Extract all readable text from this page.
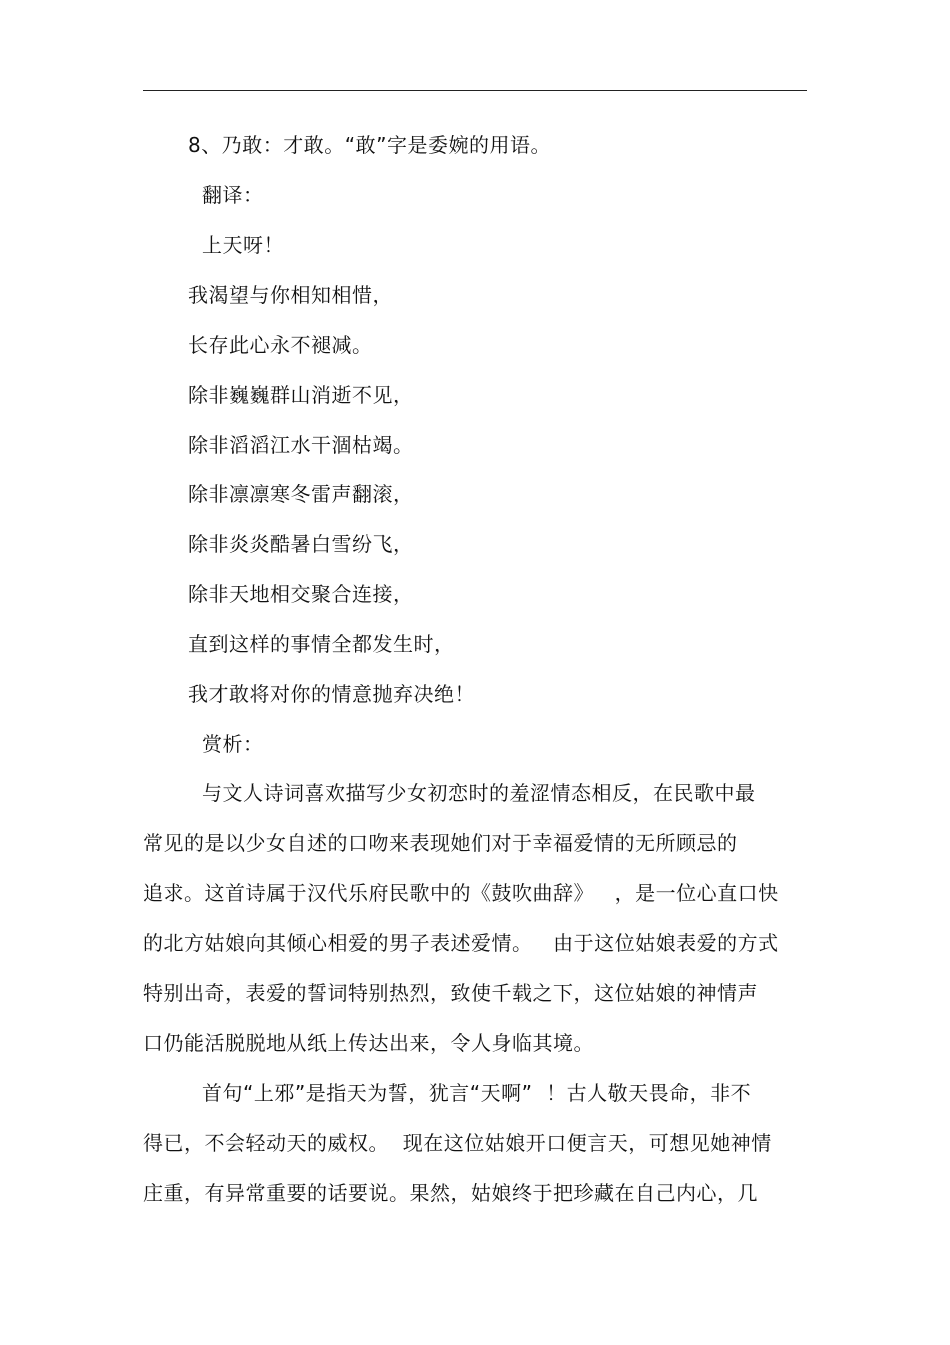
8、乃敢：才敢。“敢”字是委婉的用语。
翻译：
上天呀！
我渴望与你相知相惜，
长存此心永不褪减。
除非巍巍群山消逝不见，
除非滔滔江水干涸枯竭。
除非凛凛寒冬雷声翻滚，
除非炎炎酷暑白雪纷飞，
除非天地相交聚合连接，
直到这样的事情全都发生时，
我才敢将对你的情意抛弃决绝！
赏析：
与文人诗词喜欢描写少女初恋时的羞涩情态相反，在民歌中最
常见的是以少女自述的口吻来表现她们对于幸福爱情的无所顾忌的
追求。这首诗属于汉代乐府民歌中的《鼓吹曲辞》   ，是一位心直口快
的北方姑娘向其倾心相爱的男子表述爱情。   由于这位姑娘表爱的方式
特别出奇，表爱的誓词特别热烈，致使千载之下，这位姑娘的神情声
口仍能活脱脱地从纸上传达出来，令人身临其境。
首句“上邪”是指天为誓，犹言“天啊”  ！古人敬天畏命，非不
得已，不会轻动天的威权。  现在这位姑娘开口便言天，可想见她神情
庄重，有异常重要的话要说。果然，姑娘终于把珍藏在自己内心，几
